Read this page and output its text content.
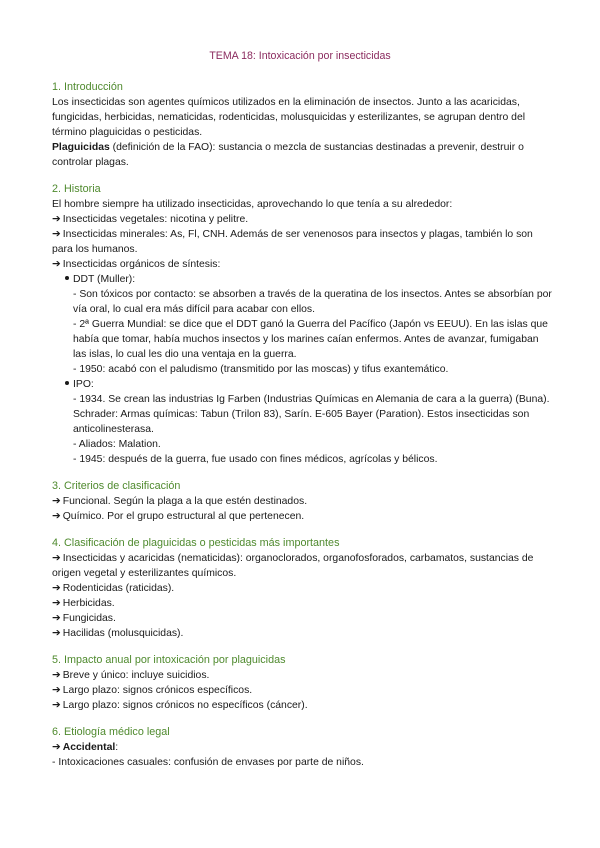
TEMA 18: Intoxicación por insecticidas
1. Introducción
Los insecticidas son agentes químicos utilizados en la eliminación de insectos. Junto a las acaricidas, fungicidas, herbicidas, nematicidas, rodenticidas, molusquicidas y esterilizantes, se agrupan dentro del término plaguicidas o pesticidas.
Plaguicidas (definición de la FAO): sustancia o mezcla de sustancias destinadas a prevenir, destruir o controlar plagas.
2. Historia
El hombre siempre ha utilizado insecticidas, aprovechando lo que tenía a su alrededor:
➔ Insecticidas vegetales: nicotina y pelitre.
➔ Insecticidas minerales: As, Fl, CNH. Además de ser venenosos para insectos y plagas, también lo son para los humanos.
➔ Insecticidas orgánicos de síntesis:
DDT (Muller):
- Son tóxicos por contacto: se absorben a través de la queratina de los insectos. Antes se absorbían por vía oral, lo cual era más difícil para acabar con ellos.
- 2ª Guerra Mundial: se dice que el DDT ganó la Guerra del Pacífico (Japón vs EEUU). En las islas que había que tomar, había muchos insectos y los marines caían enfermos. Antes de avanzar, fumigaban las islas, lo cual les dio una ventaja en la guerra.
- 1950: acabó con el paludismo (transmitido por las moscas) y tifus exantemático.
IPO:
- 1934. Se crean las industrias Ig Farben (Industrias Químicas en Alemania de cara a la guerra) (Buna). Schrader: Armas químicas: Tabun (Trilon 83), Sarín. E-605 Bayer (Paration). Estos insecticidas son anticolinesterasa.
- Aliados: Malation.
- 1945: después de la guerra, fue usado con fines médicos, agrícolas y bélicos.
3. Criterios de clasificación
➔ Funcional. Según la plaga a la que estén destinados.
➔ Químico. Por el grupo estructural al que pertenecen.
4. Clasificación de plaguicidas o pesticidas más importantes
➔ Insecticidas y acaricidas (nematicidas): organoclorados, organofosforados, carbamatos, sustancias de origen vegetal y esterilizantes químicos.
➔ Rodenticidas (raticidas).
➔ Herbicidas.
➔ Fungicidas.
➔ Hacilidas (molusquicidas).
5. Impacto anual por intoxicación por plaguicidas
➔ Breve y único: incluye suicidios.
➔ Largo plazo: signos crónicos específicos.
➔ Largo plazo: signos crónicos no específicos (cáncer).
6. Etiología médico legal
➔ Accidental:
- Intoxicaciones casuales: confusión de envases por parte de niños.
